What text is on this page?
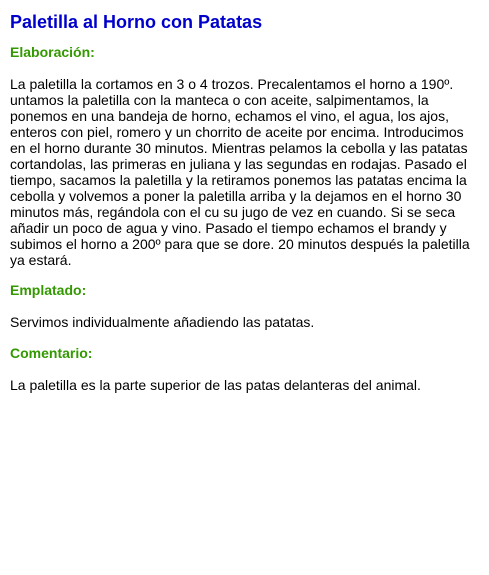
Paletilla al Horno con Patatas
Elaboración:

La paletilla la cortamos en 3 o 4 trozos. Precalentamos el horno a 190º. untamos la paletilla con la manteca o con aceite, salpimentamos, la ponemos en una bandeja de horno, echamos el vino, el agua, los ajos, enteros con piel, romero y un chorrito de aceite por encima. Introducimos en el horno durante 30 minutos. Mientras pelamos la cebolla y las patatas cortandolas, las primeras en juliana y las segundas en rodajas. Pasado el tiempo, sacamos la paletilla y la retiramos ponemos las patatas encima la cebolla y volvemos a poner la paletilla arriba y la dejamos en el horno 30 minutos más, regándola con el cu su jugo de vez en cuando. Si se seca añadir un poco de agua y vino. Pasado el tiempo echamos el brandy y subimos el horno a 200º para que se dore. 20 minutos después la paletilla ya estará.

Emplatado:

Servimos individualmente añadiendo las patatas.

Comentario:

La paletilla es la parte superior de las patas delanteras del animal.
